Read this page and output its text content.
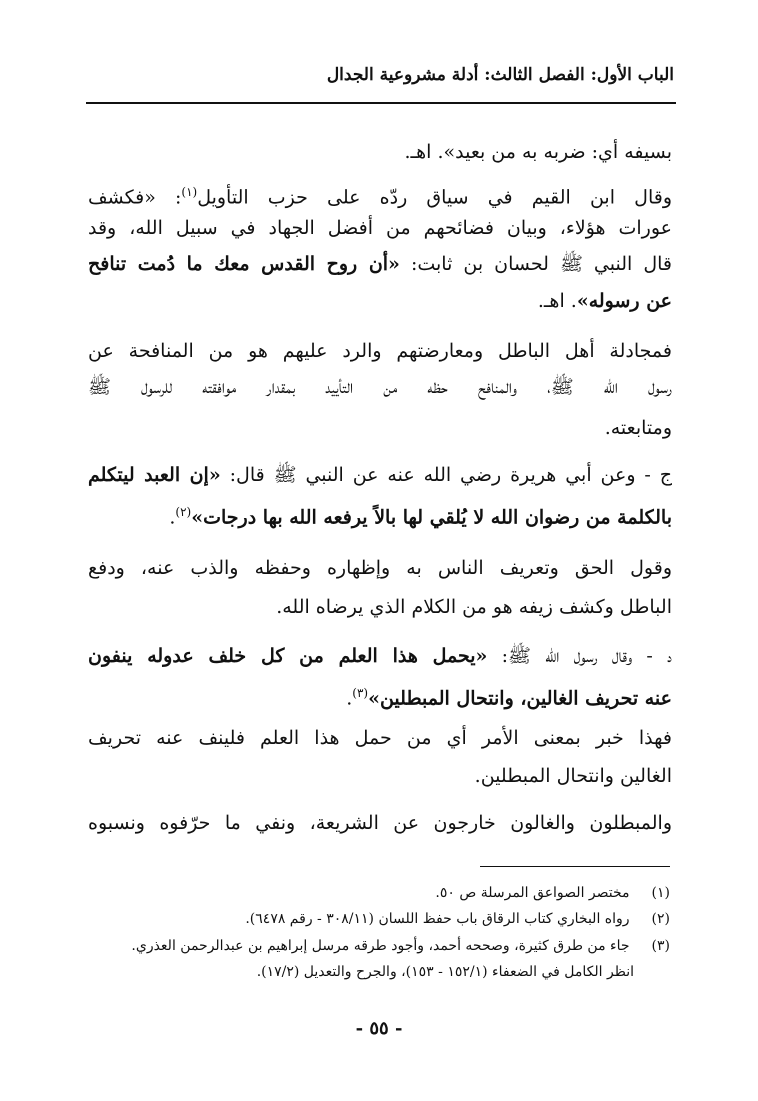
الباب الأول: الفصل الثالث: أدلة مشروعية الجدال
بسيفه أي: ضربه به من بعيد». اهـ.
وقال ابن القيم في سياق ردّه على حزب التأويل$^{(١)}$: «فكشف
عورات هؤلاء، وبيان فضائحهم من أفضل الجهاد في سبيل الله، وقد
قال النبي ﷺ لحسان بن ثابت: «أن روح القدس معك ما دُمت تنافح
عن رسوله». اهـ.
فمجادلة أهل الباطل ومعارضتهم والرد عليهم هو من المنافحة عن
رسول الله ﷺ، والمنافح حظه من التأييد بمقدار موافقته للرسول ﷺ
ومتابعته.
ج - وعن أبي هريرة رضي الله عنه عن النبي ﷺ قال: «إن العبد ليتكلم
بالكلمة من رضوان الله لا يُلقي لها بالاً يرفعه الله بها درجات»$^{(٢)}$.
وقول الحق وتعريف الناس به وإظهاره وحفظه والذب عنه، ودفع
الباطل وكشف زيفه هو من الكلام الذي يرضاه الله.
د - وقال رسول الله ﷺ: «يحمل هذا العلم من كل خلف عدوله ينفون
عنه تحريف الغالين، وانتحال المبطلين»$^{(٣)}$.
فهذا خبر بمعنى الأمر أي من حمل هذا العلم فلينف عنه تحريف
الغالين وانتحال المبطلين.
والمبطلون والغالون خارجون عن الشريعة، ونفي ما حرّفوه ونسبوه
(١) مختصر الصواعق المرسلة ص ٥٠.
(٢) رواه البخاري كتاب الرقاق باب حفظ اللسان (٣٠٨/١١ - رقم ٦٤٧٨).
(٣) جاء من طرق كثيرة، وصححه أحمد، وأجود طرقه مرسل إبراهيم بن عبدالرحمن العذري.
انظر الكامل في الضعفاء (١٥٢/١ - ١٥٣)، والجرح والتعديل (١٧/٢).
- ٥٥ -
